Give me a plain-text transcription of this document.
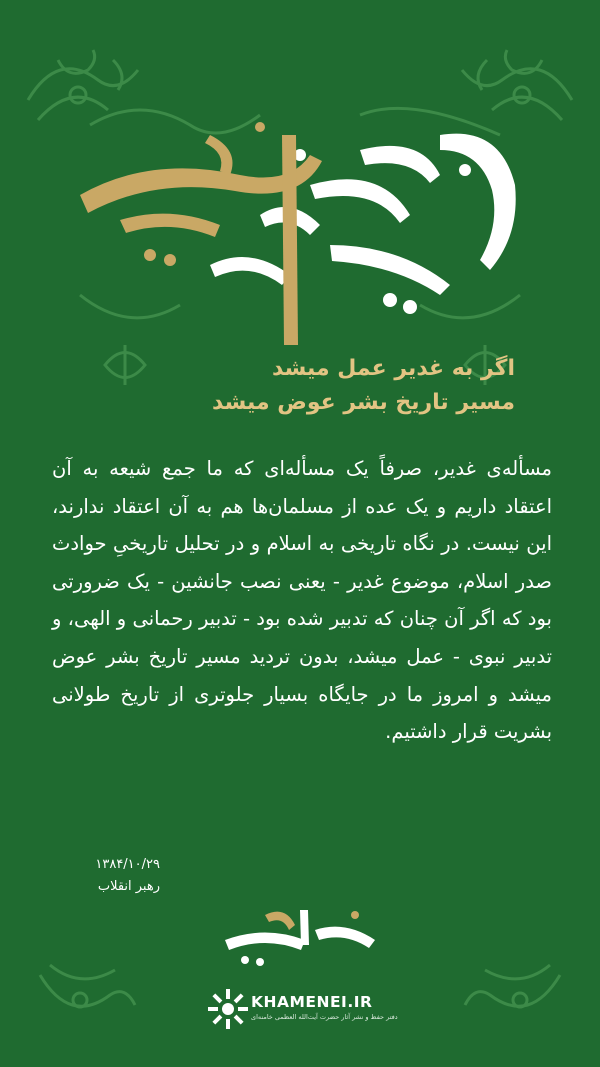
اگر به غدیر عمل میشد
مسیر تاریخ بشر عوض میشد
مسأله‌ی غدیر، صرفاً یک مسأله‌ای که ما جمع شیعه به آن اعتقاد داریم و یک عده از مسلمان‌ها هم به آن اعتقاد ندارند، این نیست. در نگاه تاریخی به اسلام و در تحلیل تاریخیِ حوادث صدر اسلام، موضوع غدیر - یعنی نصب جانشین - یک ضرورتی بود که اگر آن چنان که تدبیر شده بود - تدبیر رحمانی و الهی، و تدبیر نبوی - عمل میشد، بدون تردید مسیر تاریخ بشر عوض میشد و امروز ما در جایگاه بسیار جلوتری از تاریخ طولانی بشریت قرار داشتیم.
۱۳۸۴/۱۰/۲۹
رهبر انقلاب
KHAMENEI.IR
دفتر حفظ و نشر آثار حضرت آیت‌الله العظمی خامنه‌ای
